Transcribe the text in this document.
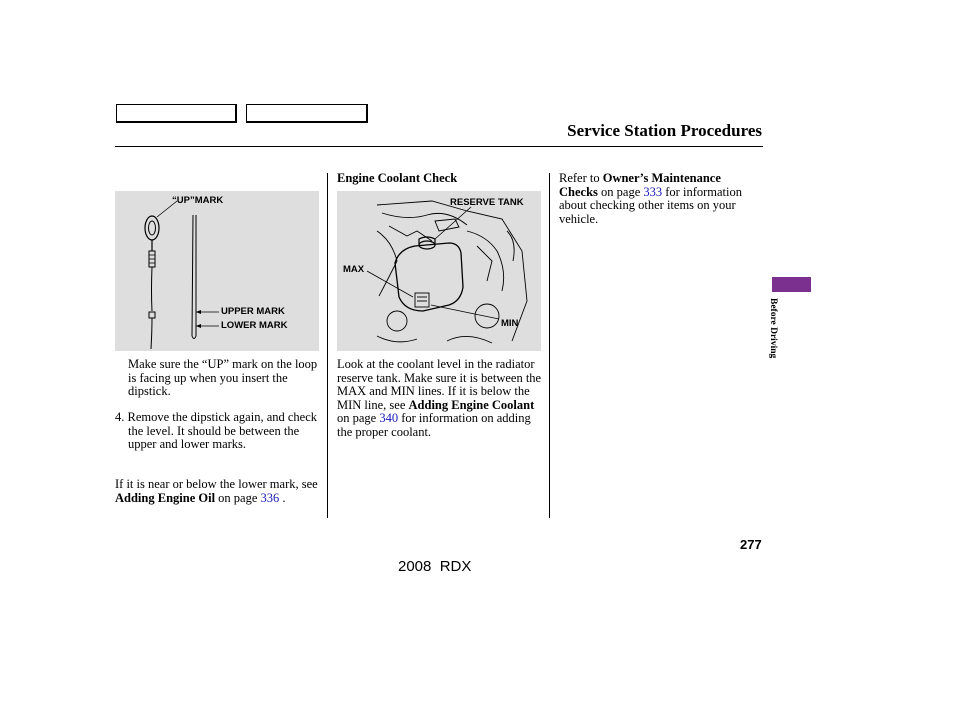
Service Station Procedures
“UP”MARK
UPPER MARK
LOWER MARK
RESERVE TANK
MAX
MIN
Make sure the “UP” mark on the loop is facing up when you insert the dipstick.
4. Remove the dipstick again, and check the level. It should be between the upper and lower marks.
If it is near or below the lower mark, see Adding Engine Oil on page 336 .
Engine Coolant Check
Look at the coolant level in the radiator reserve tank. Make sure it is between the MAX and MIN lines. If it is below the MIN line, see Adding Engine Coolant on page 340 for information on adding the proper coolant.
Refer to Owner’s Maintenance Checks on page 333 for information about checking other items on your vehicle.
Before Driving
277
2008  RDX
